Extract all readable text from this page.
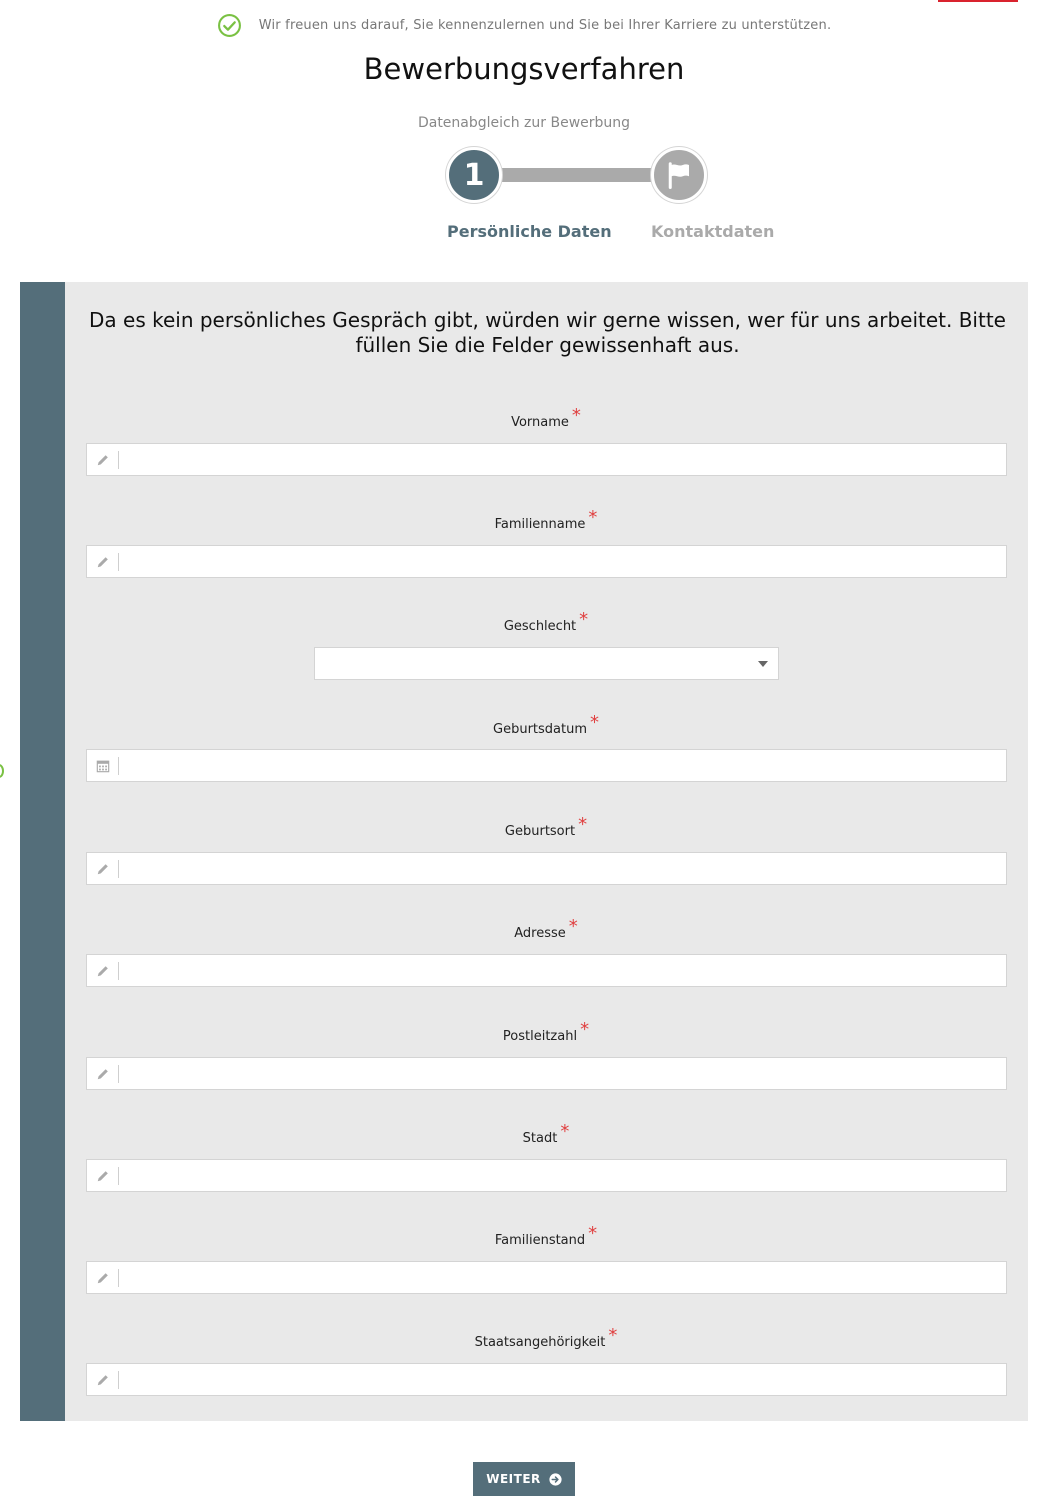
Wir freuen uns darauf, Sie kennenzulernen und Sie bei Ihrer Karriere zu unterstützen.
Bewerbungsverfahren
Datenabgleich zur Bewerbung
1
Persönliche Daten Kontaktdaten

Da es kein persönliches Gespräch gibt, würden wir gerne wissen, wer für uns arbeitet. Bitte füllen Sie die Felder gewissenhaft aus.

Vorname *
Familienname *
Geschlecht *
Geburtsdatum *
Geburtsort *
Adresse *
Postleitzahl *
Stadt *
Familienstand *
Staatsangehörigkeit *
WEITER
